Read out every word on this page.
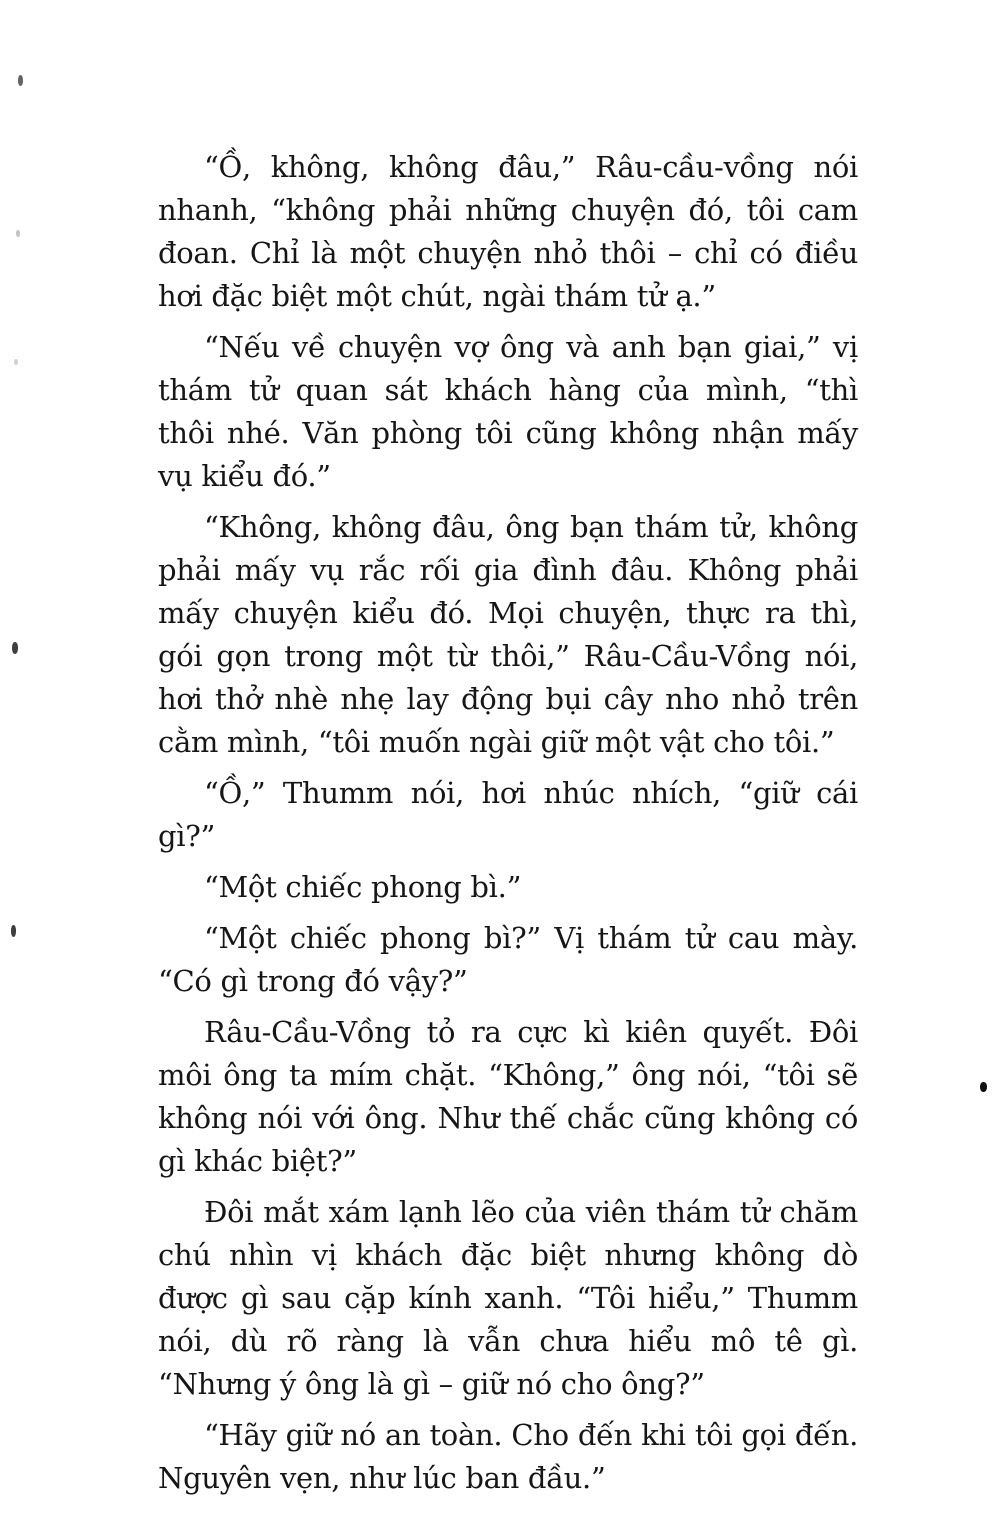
“Ồ, không, không đâu,” Râu-cầu-vồng nói nhanh, “không phải những chuyện đó, tôi cam đoan. Chỉ là một chuyện nhỏ thôi – chỉ có điều hơi đặc biệt một chút, ngài thám tử ạ.”

“Nếu về chuyện vợ ông và anh bạn giai,” vị thám tử quan sát khách hàng của mình, “thì thôi nhé. Văn phòng tôi cũng không nhận mấy vụ kiểu đó.”

“Không, không đâu, ông bạn thám tử, không phải mấy vụ rắc rối gia đình đâu. Không phải mấy chuyện kiểu đó. Mọi chuyện, thực ra thì, gói gọn trong một từ thôi,” Râu-Cầu-Vồng nói, hơi thở nhè nhẹ lay động bụi cây nho nhỏ trên cằm mình, “tôi muốn ngài giữ một vật cho tôi.”

“Ồ,” Thumm nói, hơi nhúc nhích, “giữ cái gì?”

“Một chiếc phong bì.”

“Một chiếc phong bì?” Vị thám tử cau mày. “Có gì trong đó vậy?”

Râu-Cầu-Vồng tỏ ra cực kì kiên quyết. Đôi môi ông ta mím chặt. “Không,” ông nói, “tôi sẽ không nói với ông. Như thế chắc cũng không có gì khác biệt?”

Đôi mắt xám lạnh lẽo của viên thám tử chăm chú nhìn vị khách đặc biệt nhưng không dò được gì sau cặp kính xanh. “Tôi hiểu,” Thumm nói, dù rõ ràng là vẫn chưa hiểu mô tê gì. “Nhưng ý ông là gì – giữ nó cho ông?”

“Hãy giữ nó an toàn. Cho đến khi tôi gọi đến. Nguyên vẹn, như lúc ban đầu.”
